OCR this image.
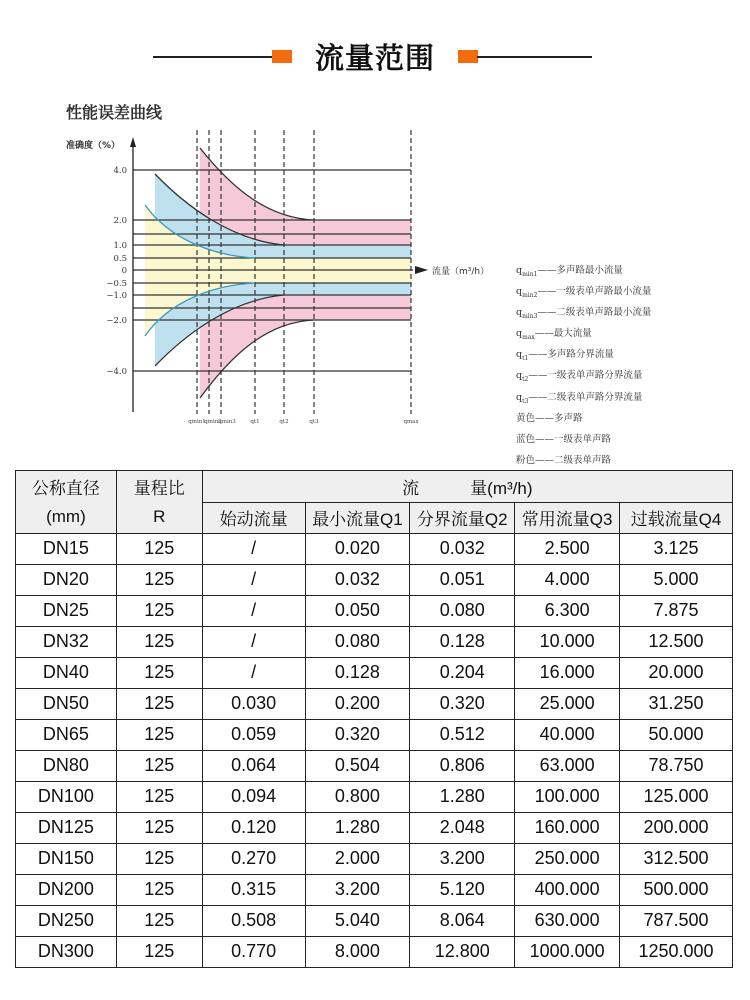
流量范围
性能误差曲线
准确度（%）
流量（m³/h）
4.0
2.0
1.0
0.5
0
−0.5
−1.0
−2.0
−4.0
qmin1
qmin2
qmin3	qt1	qt2	qt3	qmax
$q_{min1}——$多声路最小流量
$q_{min2}——$一级表单声路最小流量
$q_{min3}——$二级表单声路最小流量
$q_{max}——$最大流量
$q_{t1}——$多声路分界流量
$q_{t2}——$一级表单声路分界流量
$q_{t3}——$二级表单声路分界流量
黄色——多声路
蓝色——一级表单声路
粉色——二级表单声路
公称直径	量程比	流　　　量(m³/h)				
(mm)	R	始动流量	最小流量Q1	分界流量Q2	常用流量Q3	过载流量Q4
DN15	125	/	0.020	0.032	2.500	3.125
DN20	125	/	0.032	0.051	4.000	5.000
DN25	125	/	0.050	0.080	6.300	7.875
DN32	125	/	0.080	0.128	10.000	12.500
DN40	125	/	0.128	0.204	16.000	20.000
DN50	125	0.030	0.200	0.320	25.000	31.250
DN65	125	0.059	0.320	0.512	40.000	50.000
DN80	125	0.064	0.504	0.806	63.000	78.750
DN100	125	0.094	0.800	1.280	100.000	125.000
DN125	125	0.120	1.280	2.048	160.000	200.000
DN150	125	0.270	2.000	3.200	250.000	312.500
DN200	125	0.315	3.200	5.120	400.000	500.000
DN250	125	0.508	5.040	8.064	630.000	787.500
DN300	125	0.770	8.000	12.800	1000.000	1250.000
